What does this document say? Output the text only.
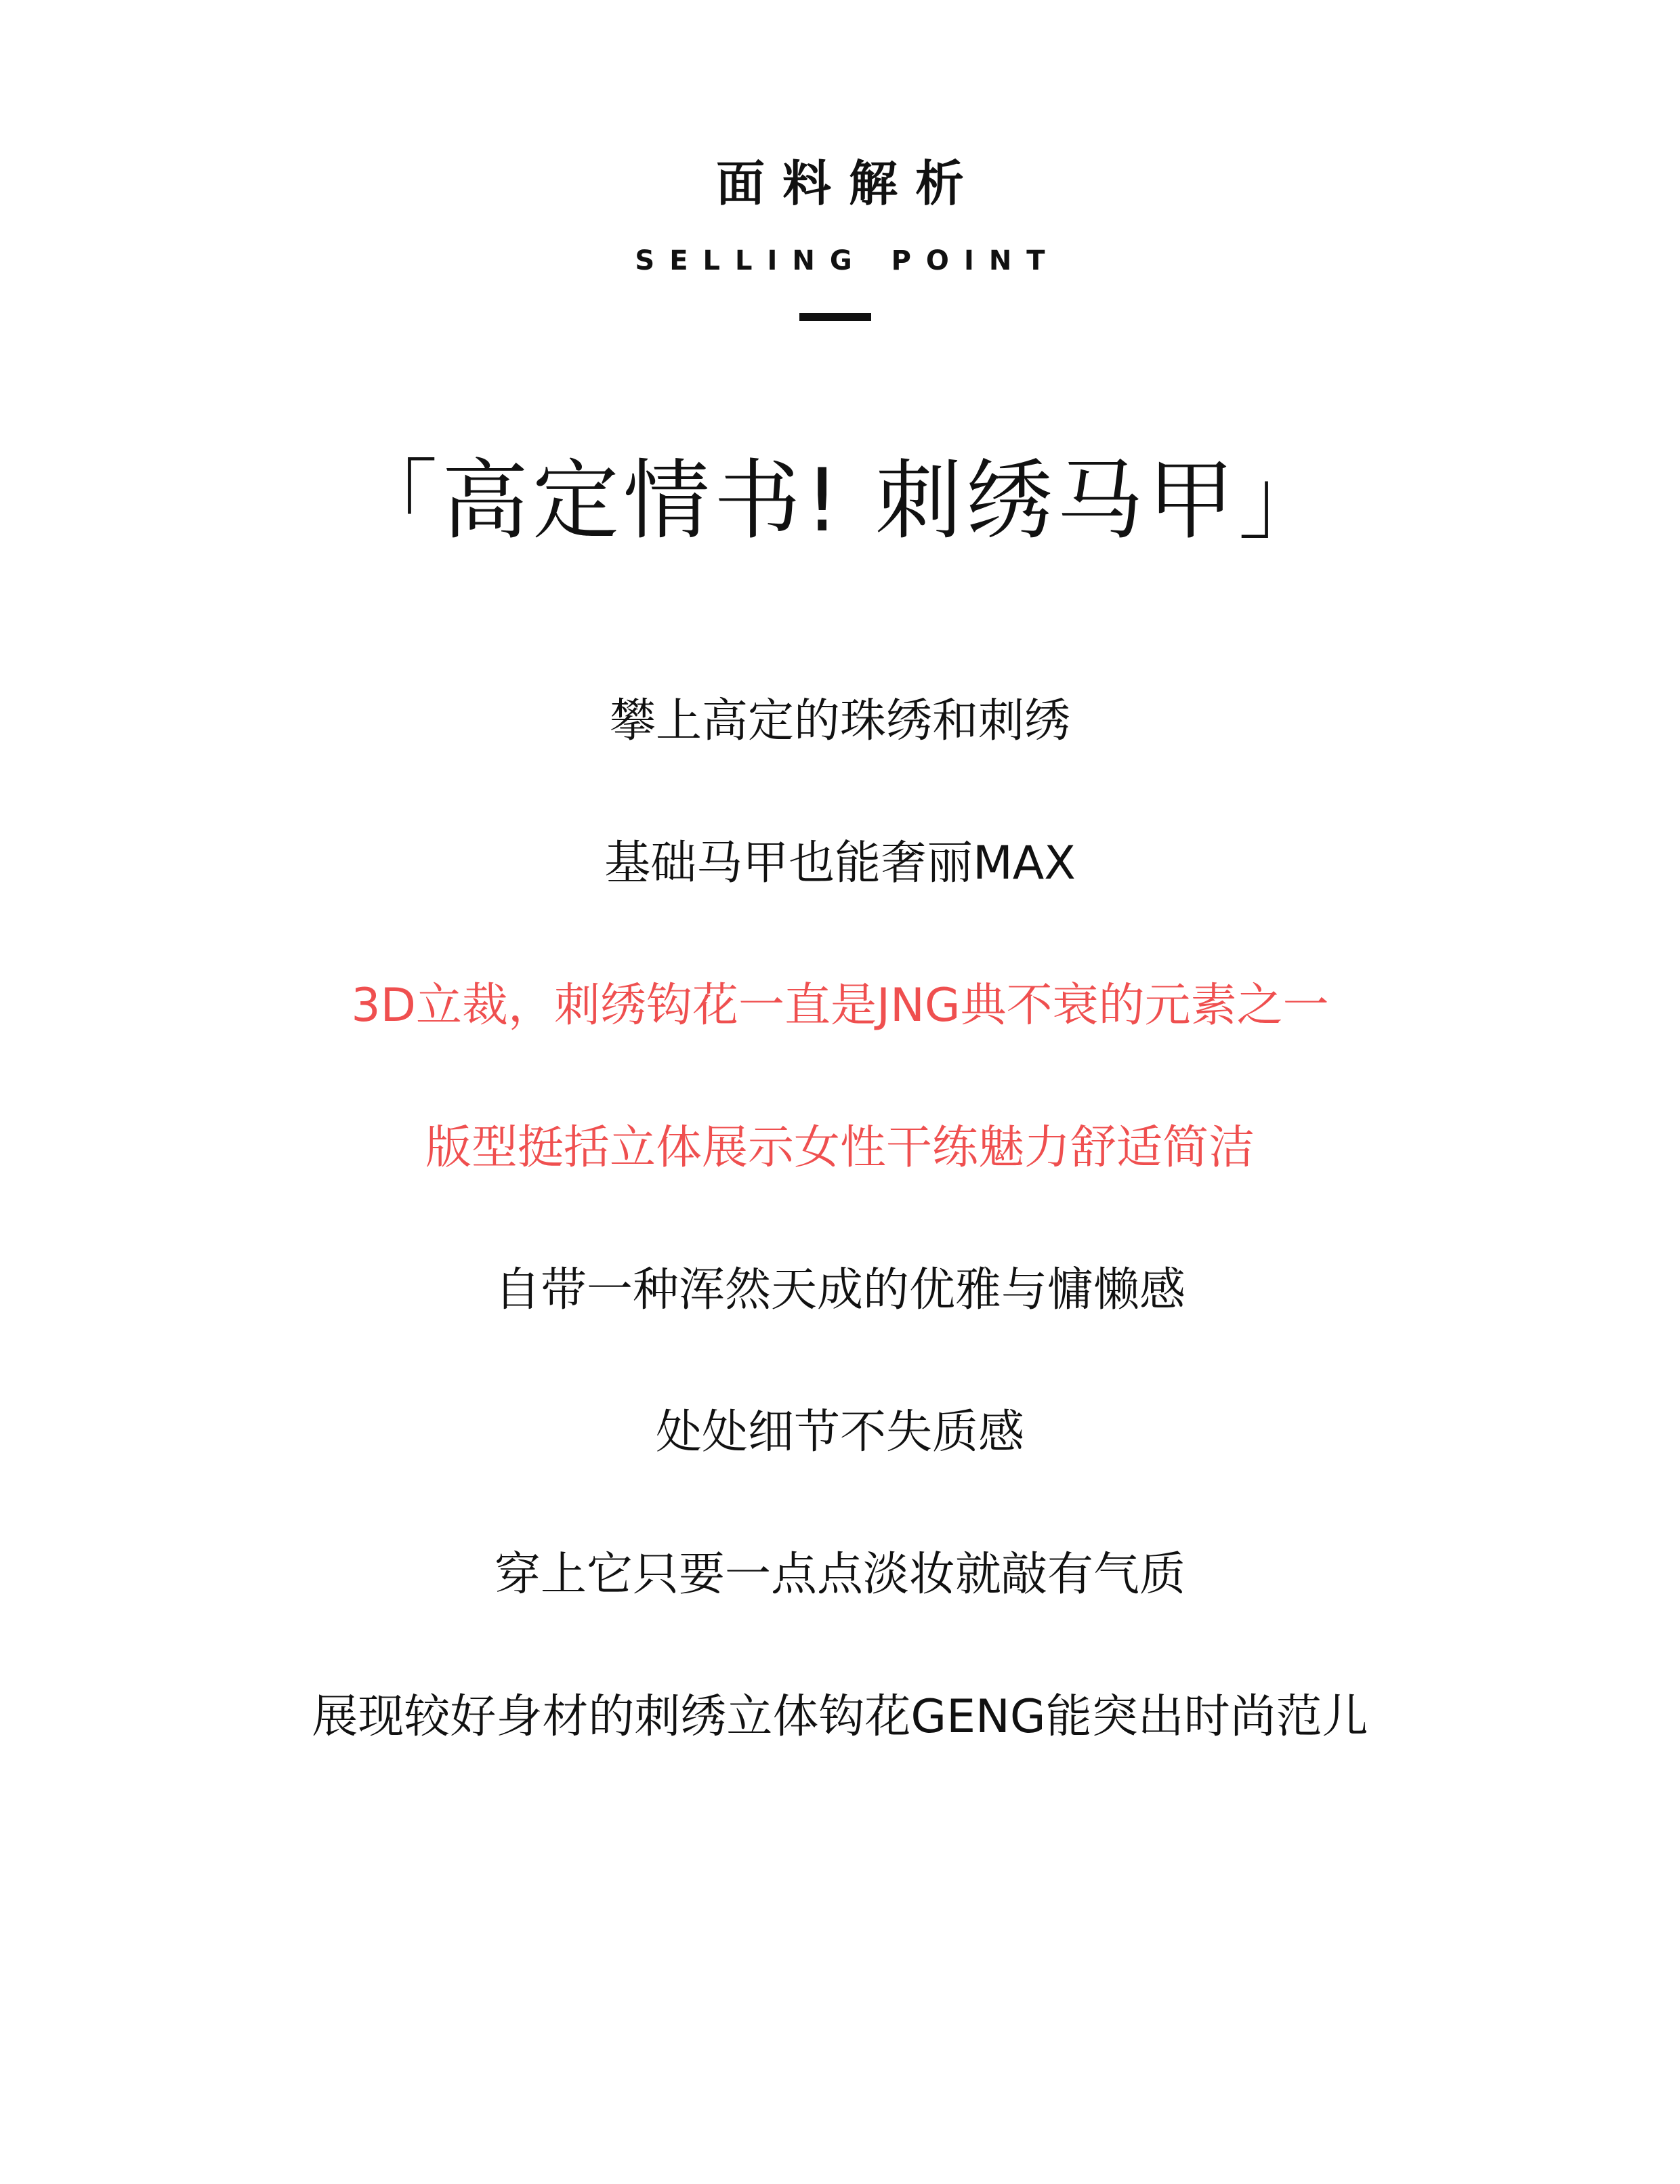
面料解析
SELLING POINT
「高定情书! 刺绣马甲」
攀上高定的珠绣和刺绣
基础马甲也能奢丽MAX
3D立裁，刺绣钩花一直是JNG典不衰的元素之一
版型挺括立体展示女性干练魅力舒适简洁
自带一种浑然天成的优雅与慵懒感
处处细节不失质感
穿上它只要一点点淡妆就敲有气质
展现较好身材的刺绣立体钩花GENG能突出时尚范儿
